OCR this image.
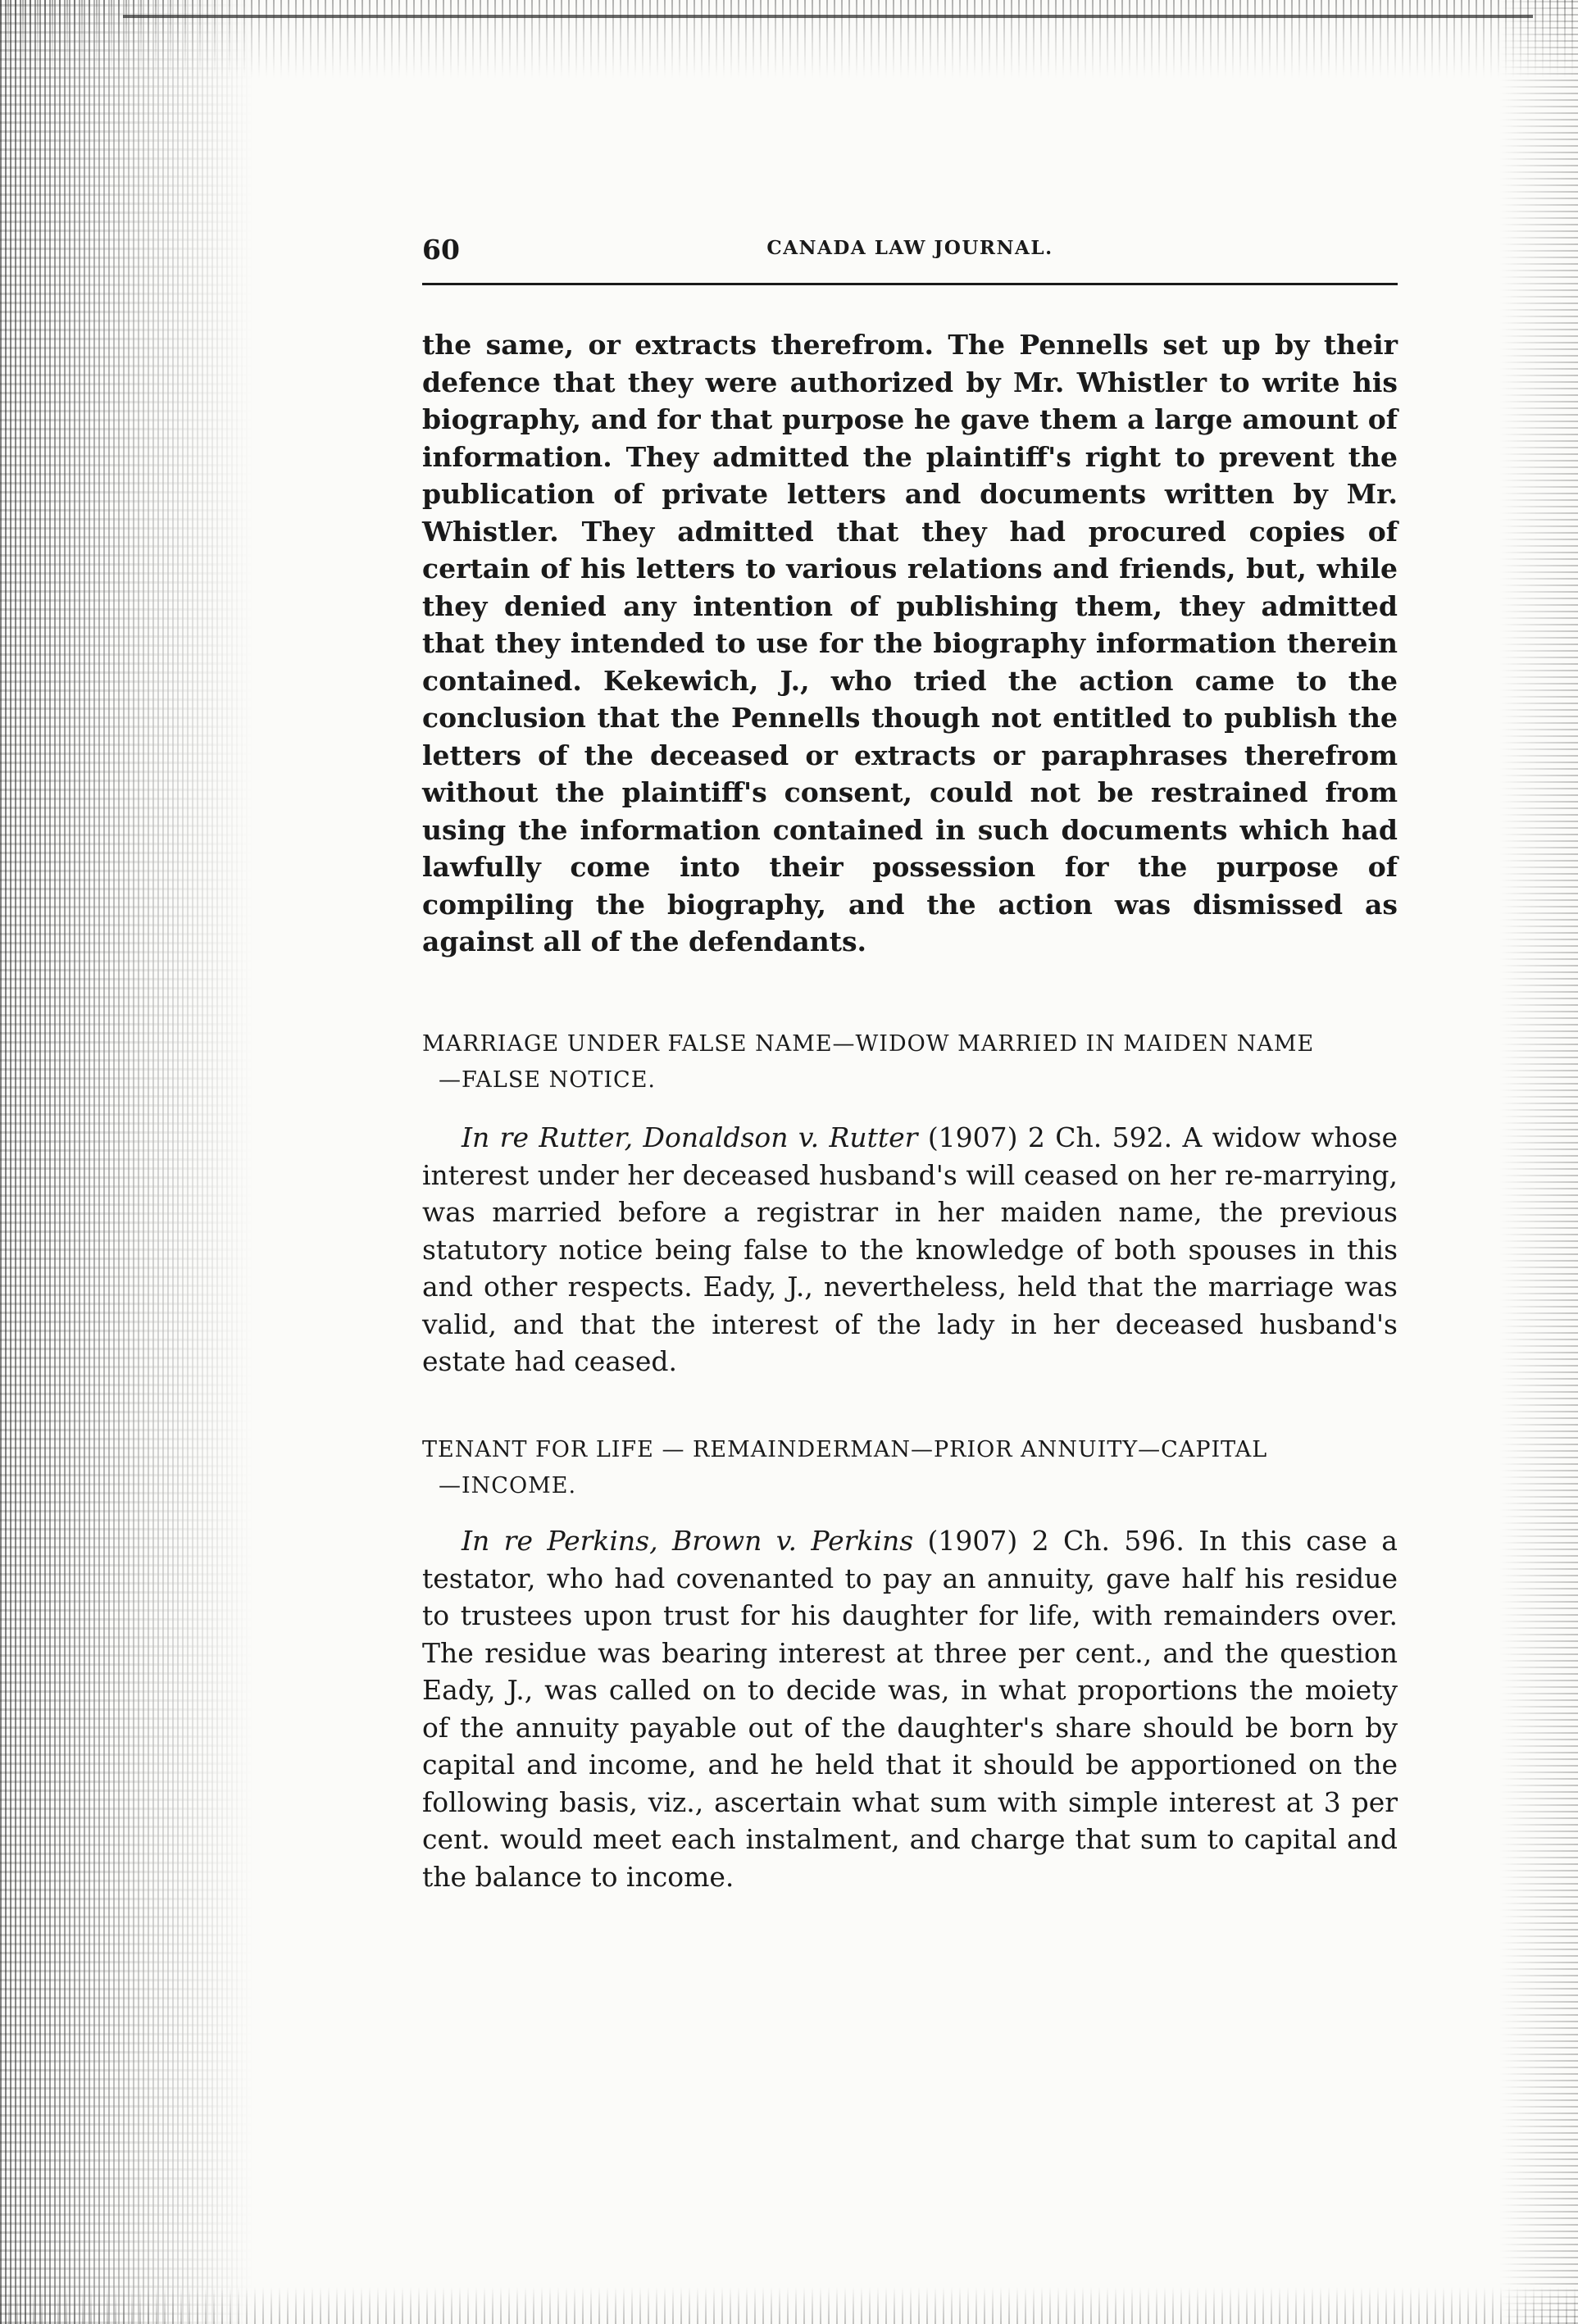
60	CANADA LAW JOURNAL.

the same, or extracts therefrom. The Pennells set up by their defence that they were authorized by Mr. Whistler to write his biography, and for that purpose he gave them a large amount of information. They admitted the plaintiff's right to prevent the publication of private letters and documents written by Mr. Whistler. They admitted that they had procured copies of certain of his letters to various relations and friends, but, while they denied any intention of publishing them, they admitted that they intended to use for the biography information therein contained. Kekewich, J., who tried the action came to the conclusion that the Pennells though not entitled to publish the letters of the deceased or extracts or paraphrases therefrom without the plaintiff's consent, could not be restrained from using the information contained in such documents which had lawfully come into their possession for the purpose of compiling the biography, and the action was dismissed as against all of the defendants.

MARRIAGE UNDER FALSE NAME—WIDOW MARRIED IN MAIDEN NAME
—FALSE NOTICE.

In re Rutter, Donaldson v. Rutter (1907) 2 Ch. 592. A widow whose interest under her deceased husband's will ceased on her re-marrying, was married before a registrar in her maiden name, the previous statutory notice being false to the knowledge of both spouses in this and other respects. Eady, J., nevertheless, held that the marriage was valid, and that the interest of the lady in her deceased husband's estate had ceased.

TENANT FOR LIFE — REMAINDERMAN—PRIOR ANNUITY—CAPITAL
—INCOME.

In re Perkins, Brown v. Perkins (1907) 2 Ch. 596. In this case a testator, who had covenanted to pay an annuity, gave half his residue to trustees upon trust for his daughter for life, with remainders over. The residue was bearing interest at three per cent., and the question Eady, J., was called on to decide was, in what proportions the moiety of the annuity payable out of the daughter's share should be born by capital and income, and he held that it should be apportioned on the following basis, viz., ascertain what sum with simple interest at 3 per cent. would meet each instalment, and charge that sum to capital and the balance to income.
